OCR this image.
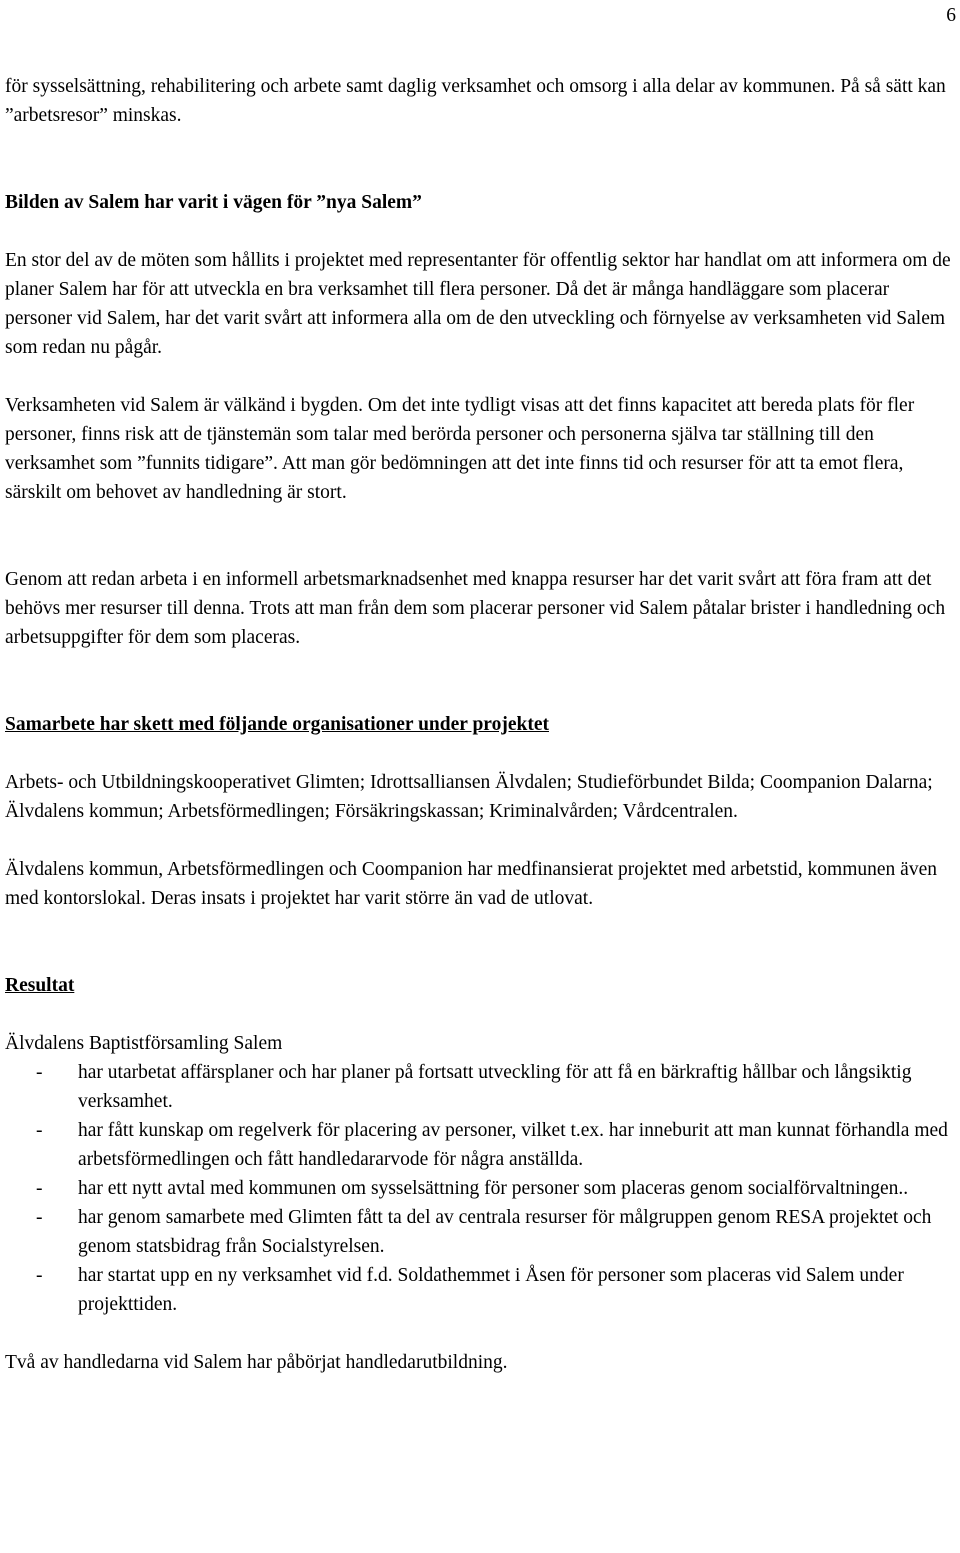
6

för sysselsättning, rehabilitering och arbete samt daglig verksamhet och omsorg i alla delar av kommunen. På så sätt kan ”arbetsresor” minskas.

Bilden av Salem har varit i vägen för ”nya Salem”

En stor del av de möten som hållits i projektet med representanter för offentlig sektor har handlat om att informera om de planer Salem har för att utveckla en bra verksamhet till flera personer. Då det är många handläggare som placerar personer vid Salem, har det varit svårt att informera alla om de den utveckling och förnyelse av verksamheten vid Salem som redan nu pågår.

Verksamheten vid Salem är välkänd i bygden. Om det inte tydligt visas att det finns kapacitet att bereda plats för fler personer, finns risk att de tjänstemän som talar med berörda personer och personerna själva tar ställning till den verksamhet som ”funnits tidigare”. Att man gör bedömningen att det inte finns tid och resurser för att ta emot flera, särskilt om behovet av handledning är stort.

Genom att redan arbeta i en informell arbetsmarknadsenhet med knappa resurser har det varit svårt att föra fram att det behövs mer resurser till denna. Trots att man från dem som placerar personer vid Salem påtalar brister i handledning och arbetsuppgifter för dem som placeras.

Samarbete har skett med följande organisationer under projektet

Arbets- och Utbildningskooperativet Glimten; Idrottsalliansen Älvdalen; Studieförbundet Bilda; Coompanion Dalarna; Älvdalens kommun; Arbetsförmedlingen; Försäkringskassan; Kriminalvården; Vårdcentralen.

Älvdalens kommun, Arbetsförmedlingen och Coompanion har medfinansierat projektet med arbetstid, kommunen även med kontorslokal. Deras insats i projektet har varit större än vad de utlovat.

Resultat

Älvdalens Baptistförsamling Salem

- har utarbetat affärsplaner och har planer på fortsatt utveckling för att få en bärkraftig hållbar och långsiktig verksamhet.
- har fått kunskap om regelverk för placering av personer, vilket t.ex. har inneburit att man kunnat förhandla med arbetsförmedlingen och fått handledararvode för några anställda.
- har ett nytt avtal med kommunen om sysselsättning för personer som placeras genom socialförvaltningen..
- har genom samarbete med Glimten fått ta del av centrala resurser för målgruppen genom RESA projektet och genom statsbidrag från Socialstyrelsen.
- har startat upp en ny verksamhet vid f.d. Soldathemmet i Åsen för personer som placeras vid Salem under projekttiden.

Två av handledarna vid Salem har påbörjat handledarutbildning.
